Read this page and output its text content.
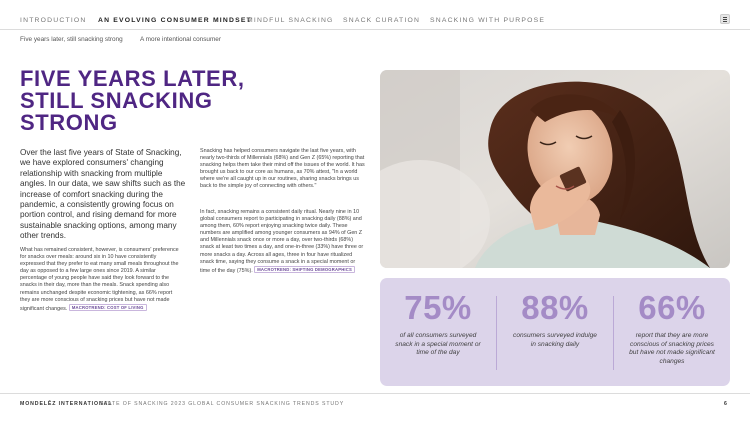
INTRODUCTION AN EVOLVING CONSUMER MINDSET
MINDFUL SNACKING SNACK CURATION SNACKING WITH PURPOSE
Five years later, still snacking strong	A more intentional consumer
FIVE YEARS LATER,
STILL SNACKING STRONG
Over the last five years of State of Snacking, we have explored consumers' changing relationship with snacking from multiple angles. In our data, we saw shifts such as the increase of comfort snacking during the pandemic, a consistently growing focus on portion control, and rising demand for more sustainable snacking options, among many other trends.
What has remained consistent, however, is consumers' preference for snacks over meals: around six in 10 have consistently expressed that they prefer to eat many small meals throughout the day as opposed to a few large ones since 2019. A similar percentage of young people have said they look forward to the snacks in their day, more than the meals. Snack spending also remains unchanged despite economic tightening, as 66% report they are more conscious of snacking prices but have not made significant changes. MACROTREND: COST OF LIVING
Snacking has helped consumers navigate the last five years, with nearly two-thirds of Millennials (68%) and Gen Z (65%) reporting that snacking helps them take their mind off the issues of the world. It has brought us back to our core as humans, as 70% attest, "In a world where we're all caught up in our routines, sharing snacks brings us back to the simple joy of connecting with others."
In fact, snacking remains a consistent daily ritual. Nearly nine in 10 global consumers report to participating in snacking daily (88%) and among them, 60% report enjoying snacking twice daily. These numbers are amplified among younger consumers as 94% of Gen Z and Millennials snack once or more a day, over two-thirds (68%) snack at least two times a day, and one-in-three (33%) have three or more snacks a day. Across all ages, three in four have ritualized snack time, saying they consume a snack in a special moment or time of the day (75%). MACROTREND: SHIFTING DEMOGRAPHICS
75%
of all consumers surveyed snack in a special moment or time of the day
88%
consumers surveyed indulge in snacking daily
66%
report that they are more conscious of snacking prices but have not made significant changes
MONDELĒZ INTERNATIONAL
STATE OF SNACKING 2023 GLOBAL CONSUMER SNACKING TRENDS STUDY	6
